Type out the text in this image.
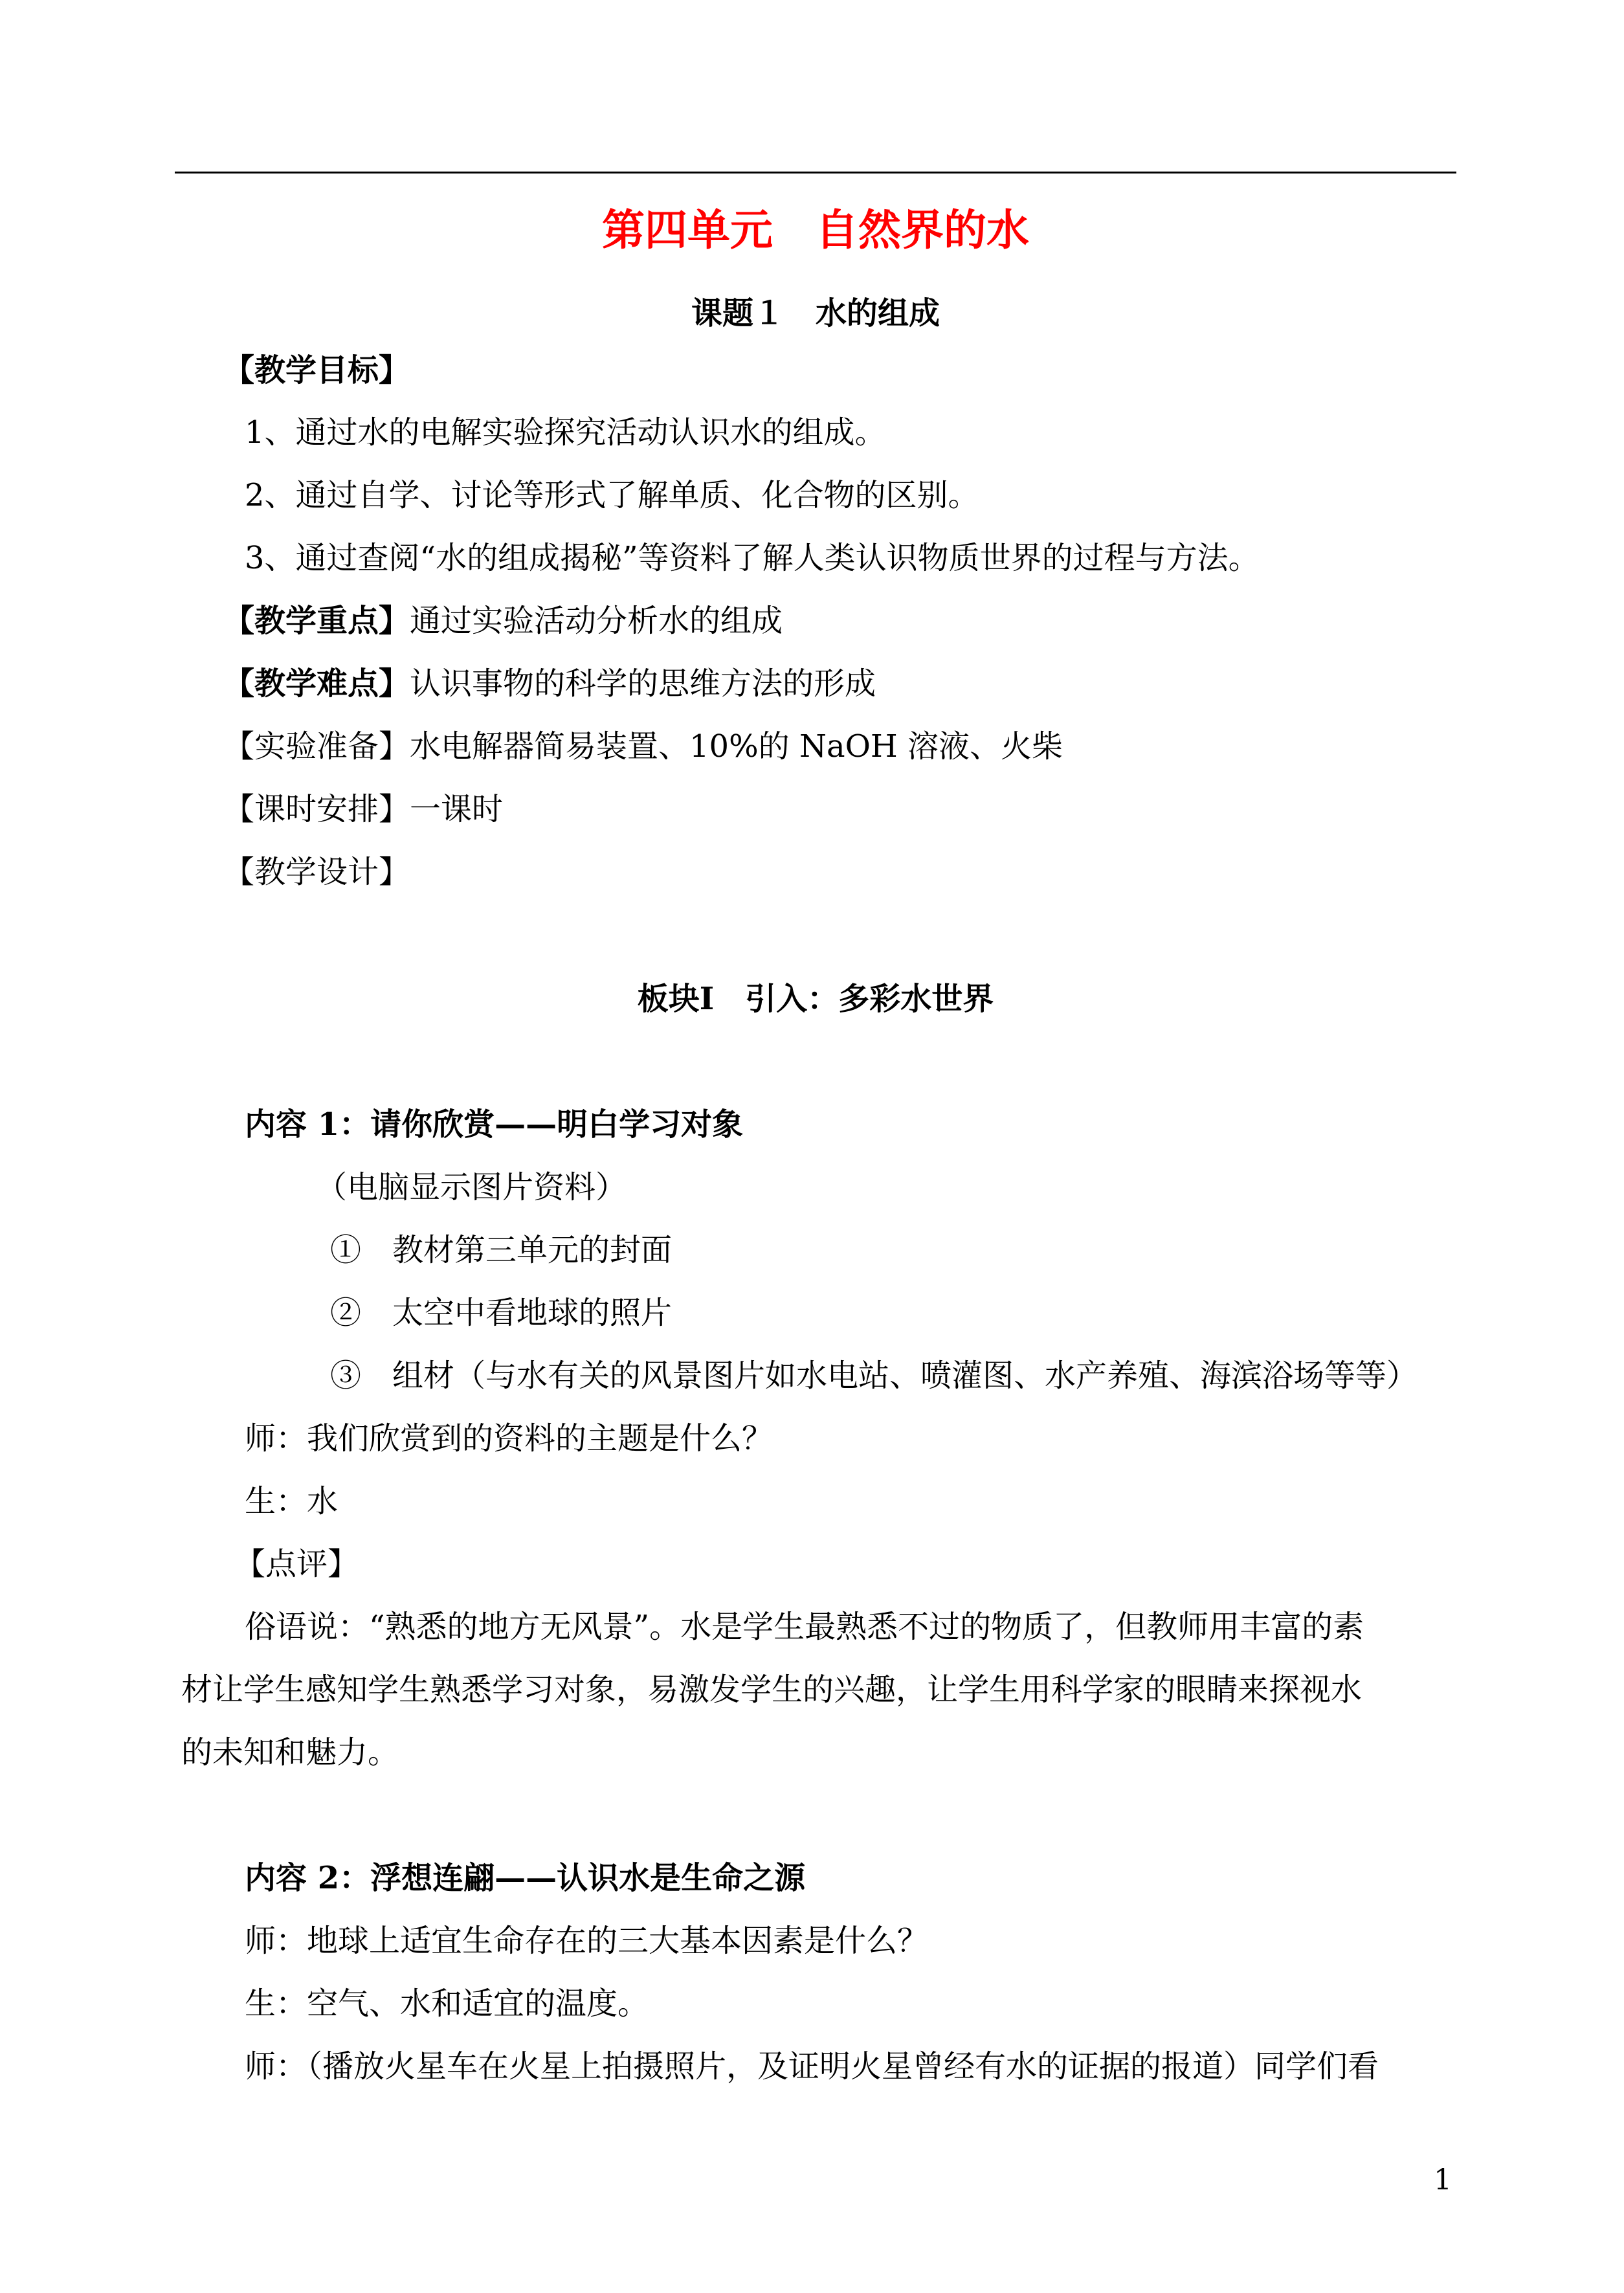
第四单元　自然界的水
课题１　水的组成
【教学目标】
1、通过水的电解实验探究活动认识水的组成。
2、通过自学、讨论等形式了解单质、化合物的区别。
3、通过查阅“水的组成揭秘”等资料了解人类认识物质世界的过程与方法。
【教学重点】通过实验活动分析水的组成
【教学难点】认识事物的科学的思维方法的形成
【实验准备】水电解器简易装置、10%的 NaOH 溶液、火柴
【课时安排】一课时
【教学设计】
板块Ⅰ　引入：多彩水世界
内容 1：请你欣赏——明白学习对象
（电脑显示图片资料）
①　教材第三单元的封面
②　太空中看地球的照片
③　组材（与水有关的风景图片如水电站、喷灌图、水产养殖、海滨浴场等等）
师：我们欣赏到的资料的主题是什么？
生：水
【点评】
俗语说：“熟悉的地方无风景”。水是学生最熟悉不过的物质了，但教师用丰富的素
材让学生感知学生熟悉学习对象，易激发学生的兴趣，让学生用科学家的眼睛来探视水
的未知和魅力。
内容 2：浮想连翩——认识水是生命之源
师：地球上适宜生命存在的三大基本因素是什么？
生：空气、水和适宜的温度。
师：（播放火星车在火星上拍摄照片，及证明火星曾经有水的证据的报道）同学们看
1
